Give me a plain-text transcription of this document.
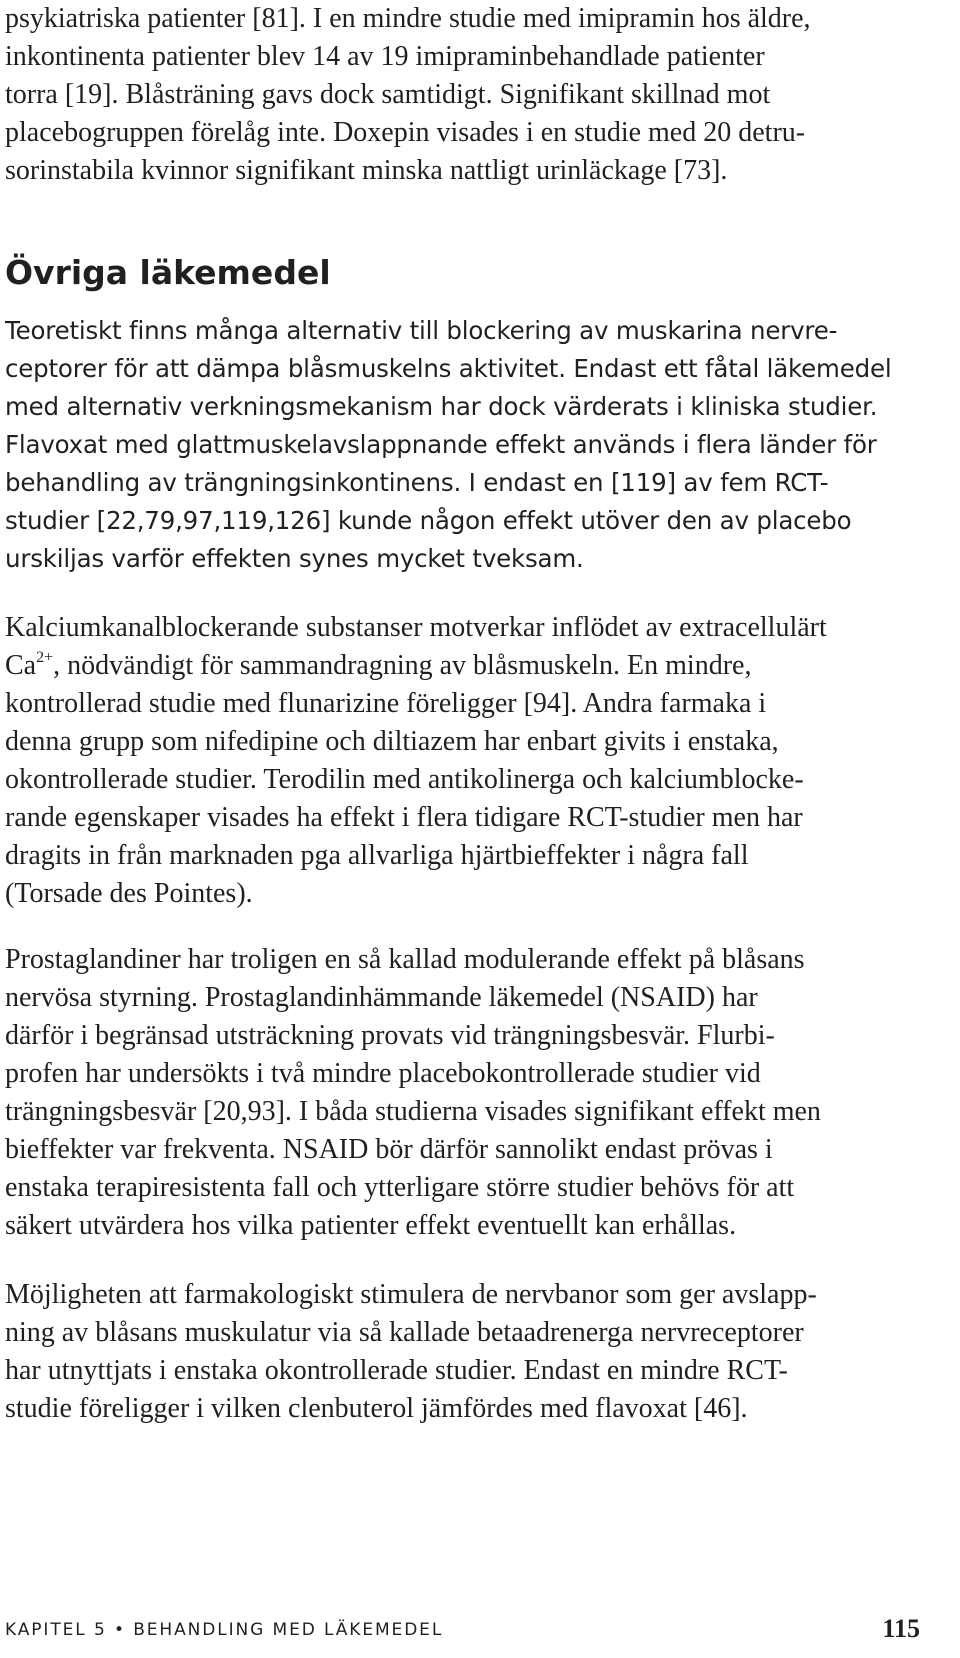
psykiatriska patienter [81]. I en mindre studie med imipramin hos äldre,

inkontinenta patienter blev 14 av 19 imipraminbehandlade patienter

torra [19]. Blåsträning gavs dock samtidigt. Signifikant skillnad mot

placebogruppen förelåg inte. Doxepin visades i en studie med 20 detru-

sorinstabila kvinnor signifikant minska nattligt urinläckage [73].

Övriga läkemedel

Teoretiskt finns många alternativ till blockering av muskarina nervre-

ceptorer för att dämpa blåsmuskelns aktivitet. Endast ett fåtal läkemedel

med alternativ verkningsmekanism har dock värderats i kliniska studier.

Flavoxat med glattmuskelavslappnande effekt används i flera länder för

behandling av trängningsinkontinens. I endast en [119] av fem RCT-

studier [22,79,97,119,126] kunde någon effekt utöver den av placebo

urskiljas varför effekten synes mycket tveksam.

Kalciumkanalblockerande substanser motverkar inflödet av extracellulärt

$Ca^{2+}$, nödvändigt för sammandragning av blåsmuskeln. En mindre,

kontrollerad studie med flunarizine föreligger [94]. Andra farmaka i

denna grupp som nifedipine och diltiazem har enbart givits i enstaka,

okontrollerade studier. Terodilin med antikolinerga och kalciumblocke-

rande egenskaper visades ha effekt i flera tidigare RCT-studier men har

dragits in från marknaden pga allvarliga hjärtbieffekter i några fall

(Torsade des Pointes).

Prostaglandiner har troligen en så kallad modulerande effekt på blåsans

nervösa styrning. Prostaglandinhämmande läkemedel (NSAID) har

därför i begränsad utsträckning provats vid trängningsbesvär. Flurbi-

profen har undersökts i två mindre placebokontrollerade studier vid

trängningsbesvär [20,93]. I båda studierna visades signifikant effekt men

bieffekter var frekventa. NSAID bör därför sannolikt endast prövas i

enstaka terapiresistenta fall och ytterligare större studier behövs för att

säkert utvärdera hos vilka patienter effekt eventuellt kan erhållas.

Möjligheten att farmakologiskt stimulera de nervbanor som ger avslapp-

ning av blåsans muskulatur via så kallade betaadrenerga nervreceptorer

har utnyttjats i enstaka okontrollerade studier. Endast en mindre RCT-

studie föreligger i vilken clenbuterol jämfördes med flavoxat [46].

KAPITEL 5 • BEHANDLING MED LÄKEMEDEL	115
